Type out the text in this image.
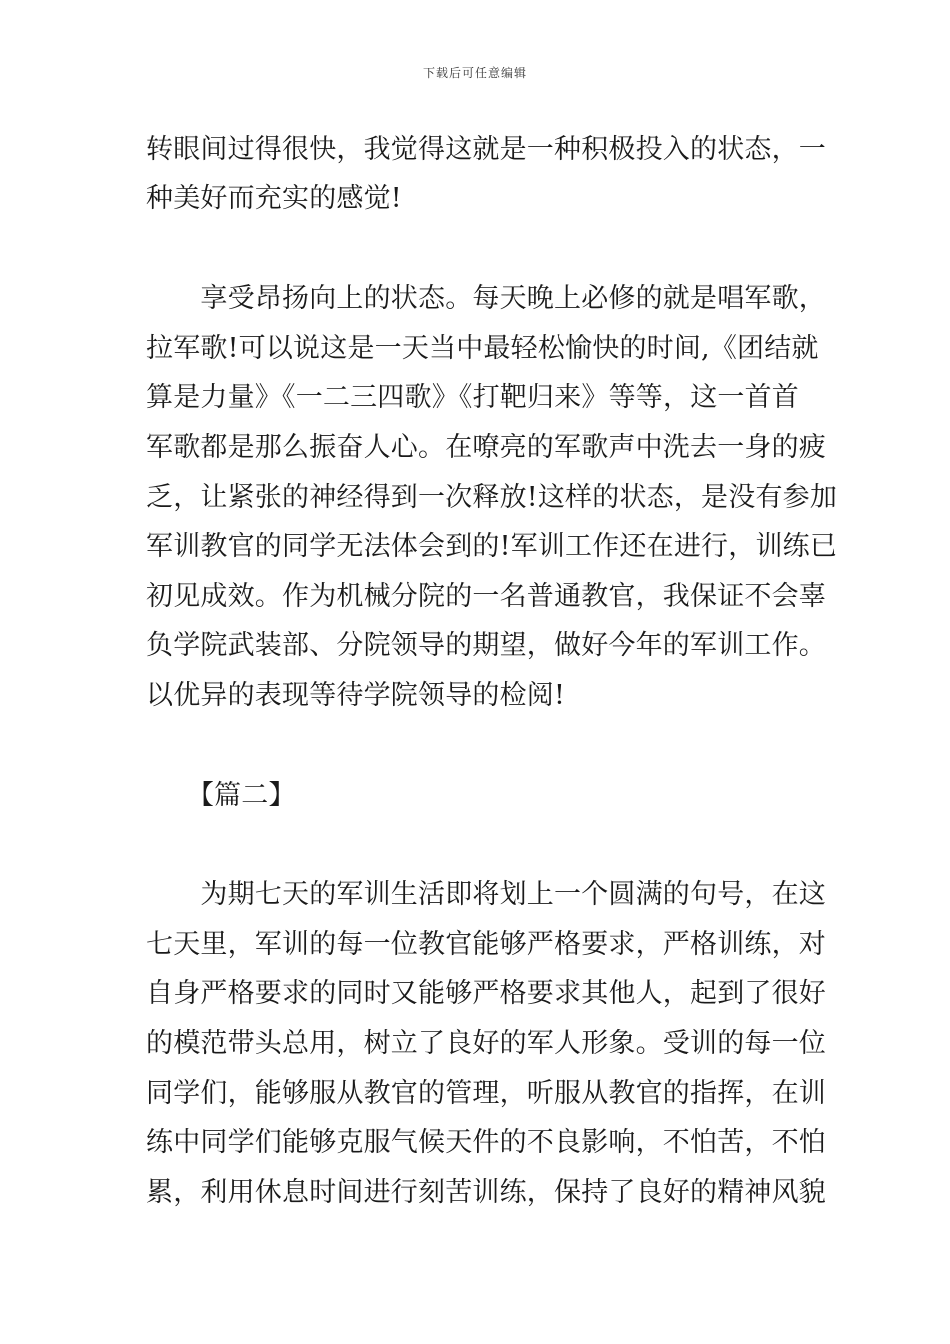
下载后可任意编辑
转眼间过得很快，我觉得这就是一种积极投入的状态，一
种美好而充实的感觉!
　　享受昂扬向上的状态。每天晚上必修的就是唱军歌，
拉军歌!可以说这是一天当中最轻松愉快的时间,《团结就
算是力量》《一二三四歌》《打靶归来》等等，这一首首
军歌都是那么振奋人心。在嘹亮的军歌声中洗去一身的疲
乏，让紧张的神经得到一次释放!这样的状态，是没有参加
军训教官的同学无法体会到的!军训工作还在进行，训练已
初见成效。作为机械分院的一名普通教官，我保证不会辜
负学院武装部、分院领导的期望，做好今年的军训工作。
以优异的表现等待学院领导的检阅!
　　【篇二】
　　为期七天的军训生活即将划上一个圆满的句号，在这
七天里，军训的每一位教官能够严格要求，严格训练，对
自身严格要求的同时又能够严格要求其他人，起到了很好
的模范带头总用，树立了良好的军人形象。受训的每一位
同学们，能够服从教官的管理，听服从教官的指挥，在训
练中同学们能够克服气候天件的不良影响，不怕苦，不怕
累，利用休息时间进行刻苦训练，保持了良好的精神风貌
